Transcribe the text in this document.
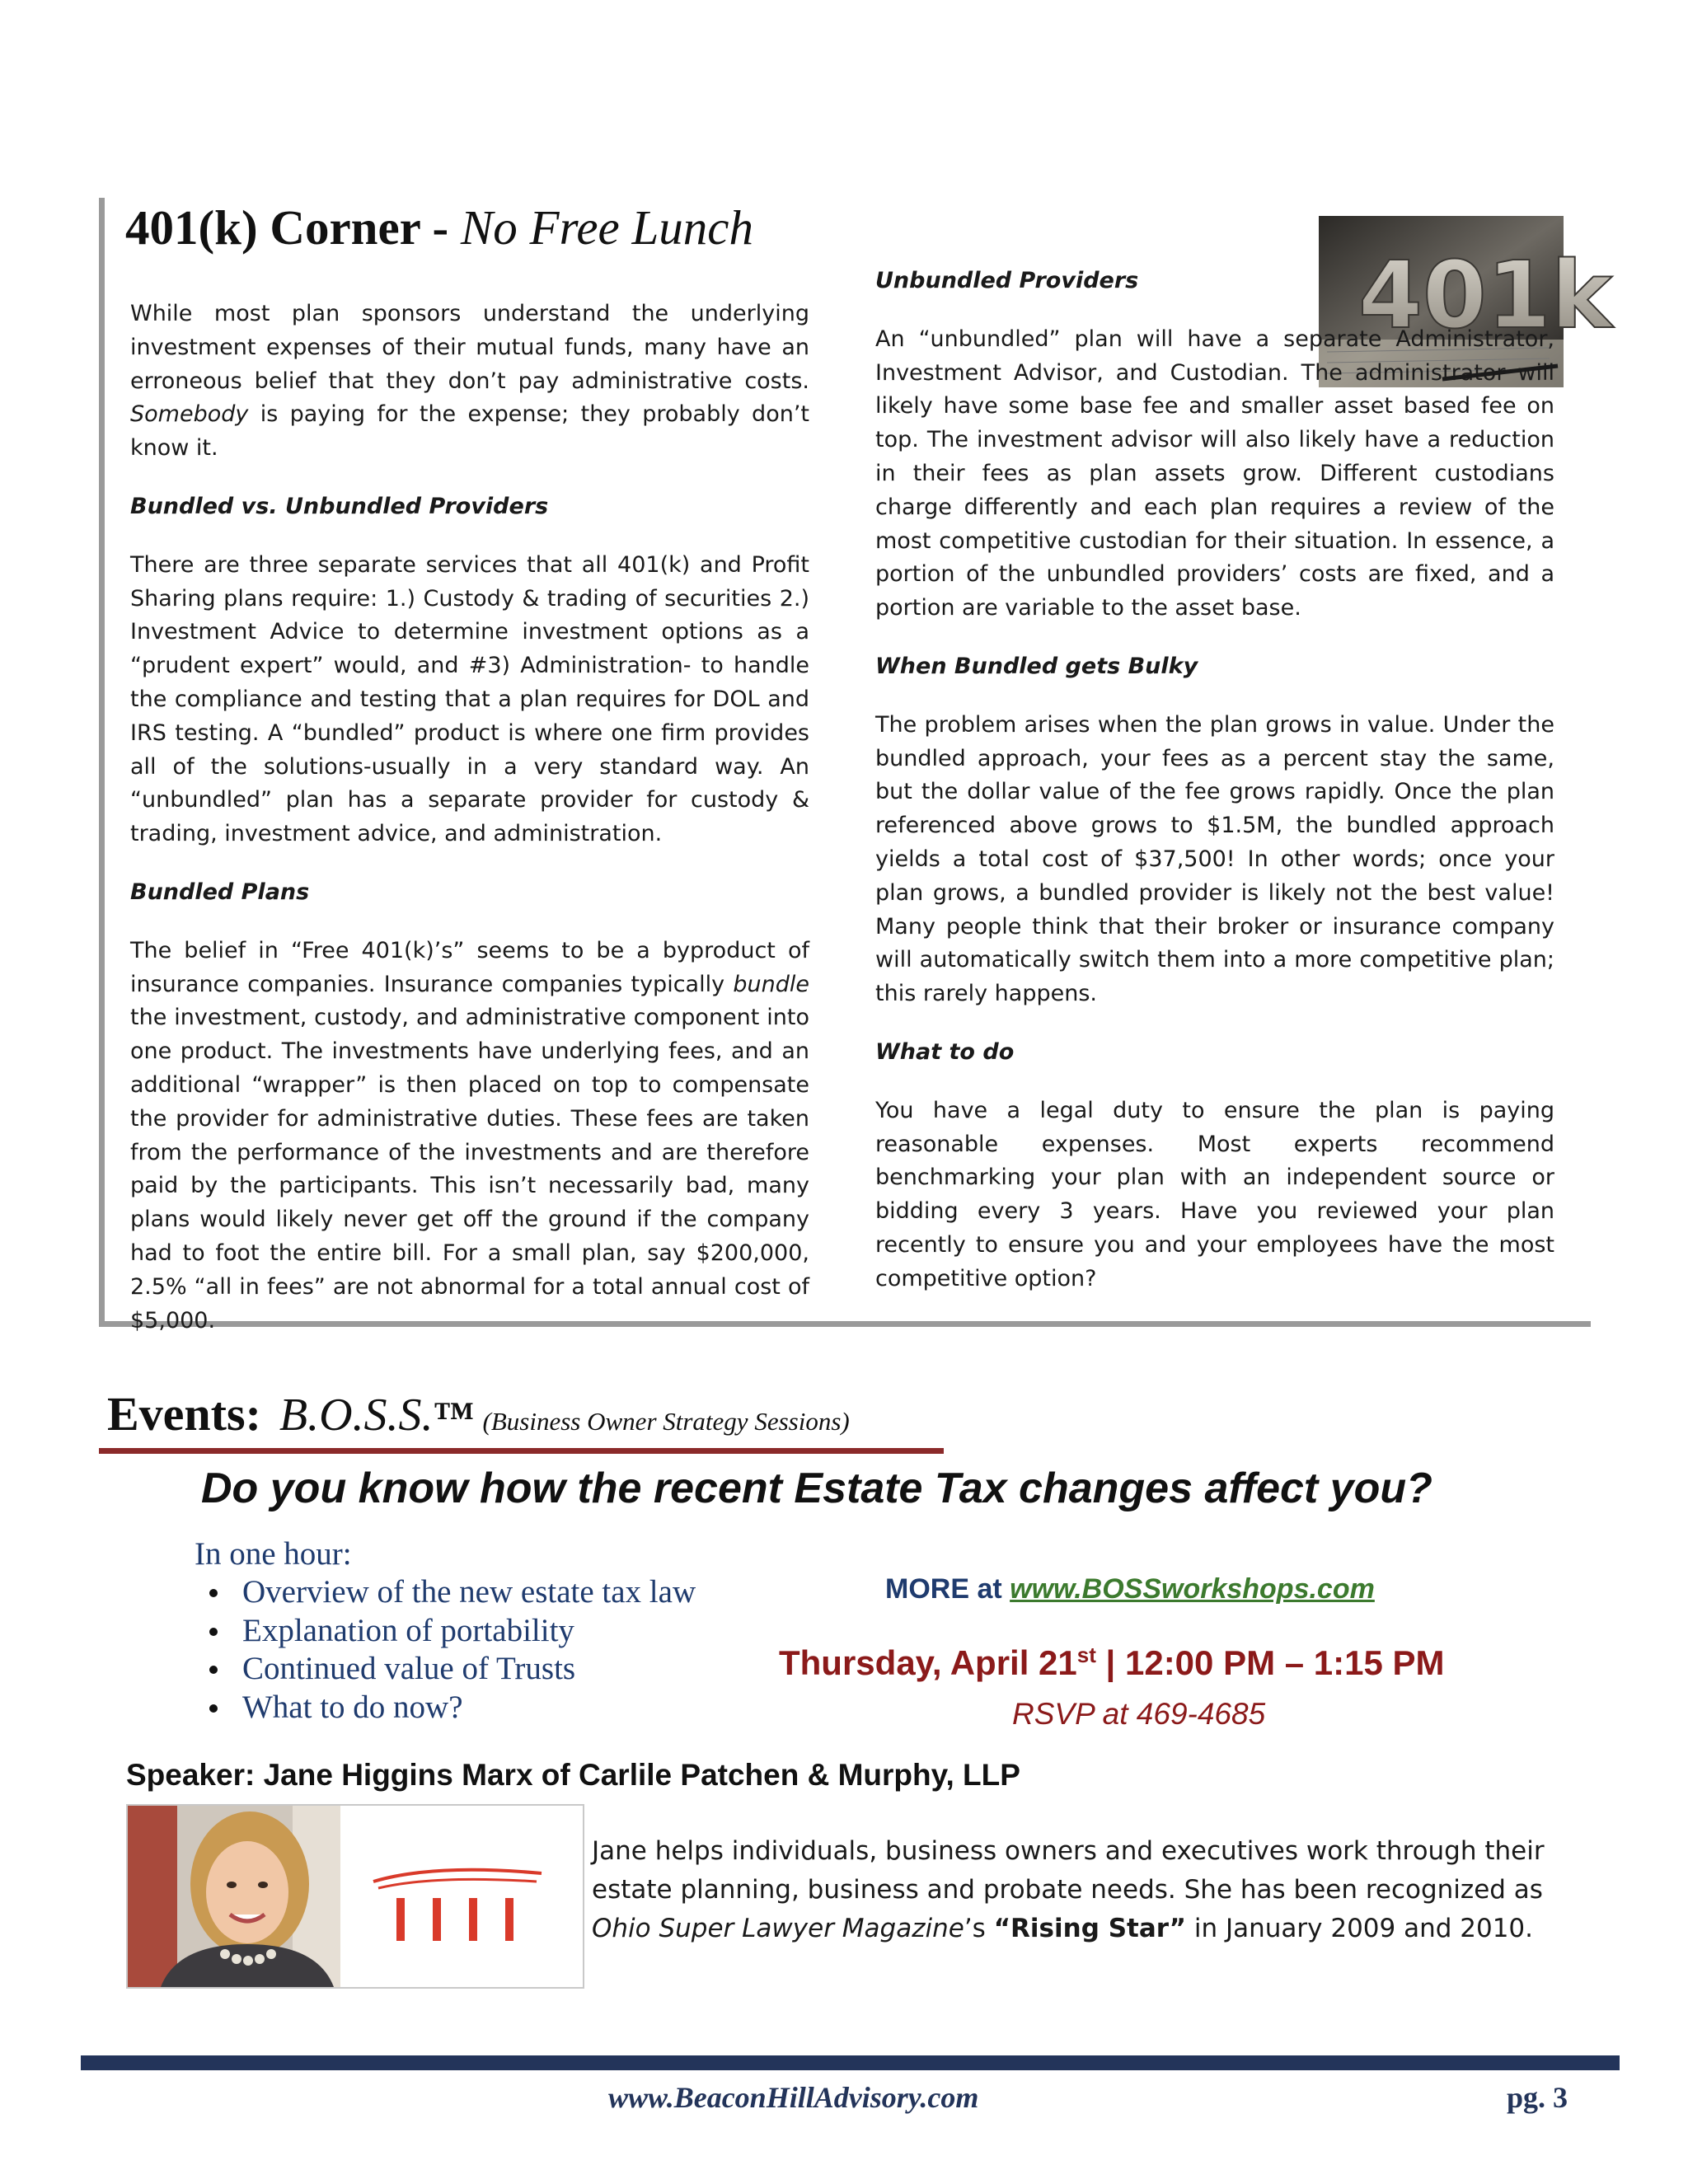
401(k) Corner - No Free Lunch

While most plan sponsors understand the underlying investment expenses of their mutual funds, many have an erroneous belief that they don’t pay administrative costs. Somebody is paying for the expense; they probably don’t know it.

Bundled vs. Unbundled Providers

There are three separate services that all 401(k) and Profit Sharing plans require: 1.) Custody & trading of securities 2.) Investment Advice to determine investment options as a “prudent expert” would, and #3) Administration- to handle the compliance and testing that a plan requires for DOL and IRS testing. A “bundled” product is where one firm provides all of the solutions-usually in a very standard way. An “unbundled” plan has a separate provider for custody & trading, investment advice, and administration.

Bundled Plans

The belief in “Free 401(k)’s” seems to be a byproduct of insurance companies. Insurance companies typically bundle the investment, custody, and administrative component into one product. The investments have underlying fees, and an additional “wrapper” is then placed on top to compensate the provider for administrative duties. These fees are taken from the performance of the investments and are therefore paid by the participants. This isn’t necessarily bad, many plans would likely never get off the ground if the company had to foot the entire bill. For a small plan, say $200,000, 2.5% “all in fees” are not abnormal for a total annual cost of $5,000.

401k
Unbundled Providers

An “unbundled” plan will have a separate Administrator, Investment Advisor, and Custodian. The administrator will likely have some base fee and smaller asset based fee on top. The investment advisor will also likely have a reduction in their fees as plan assets grow. Different custodians charge differently and each plan requires a review of the most competitive custodian for their situation. In essence, a portion of the unbundled providers’ costs are fixed, and a portion are variable to the asset base.

When Bundled gets Bulky

The problem arises when the plan grows in value. Under the bundled approach, your fees as a percent stay the same, but the dollar value of the fee grows rapidly. Once the plan referenced above grows to $1.5M, the bundled approach yields a total cost of $37,500! In other words; once your plan grows, a bundled provider is likely not the best value! Many people think that their broker or insurance company will automatically switch them into a more competitive plan; this rarely happens.

What to do

You have a legal duty to ensure the plan is paying reasonable expenses. Most experts recommend benchmarking your plan with an independent source or bidding every 3 years. Have you reviewed your plan recently to ensure you and your employees have the most competitive option?

Events: B.O.S.S.™ (Business Owner Strategy Sessions)
Do you know how the recent Estate Tax changes affect you?
In one hour:
Overview of the new estate tax law
Explanation of portability
Continued value of Trusts
What to do now?
MORE at www.BOSSworkshops.com
Thursday, April 21st | 12:00 PM – 1:15 PM
RSVP at 469-4685
Speaker: Jane Higgins Marx of Carlile Patchen & Murphy, LLP
Jane helps individuals, business owners and executives work through their estate planning, business and probate needs. She has been recognized as Ohio Super Lawyer Magazine’s “Rising Star” in January 2009 and 2010.
www.BeaconHillAdvisory.com	pg. 3
